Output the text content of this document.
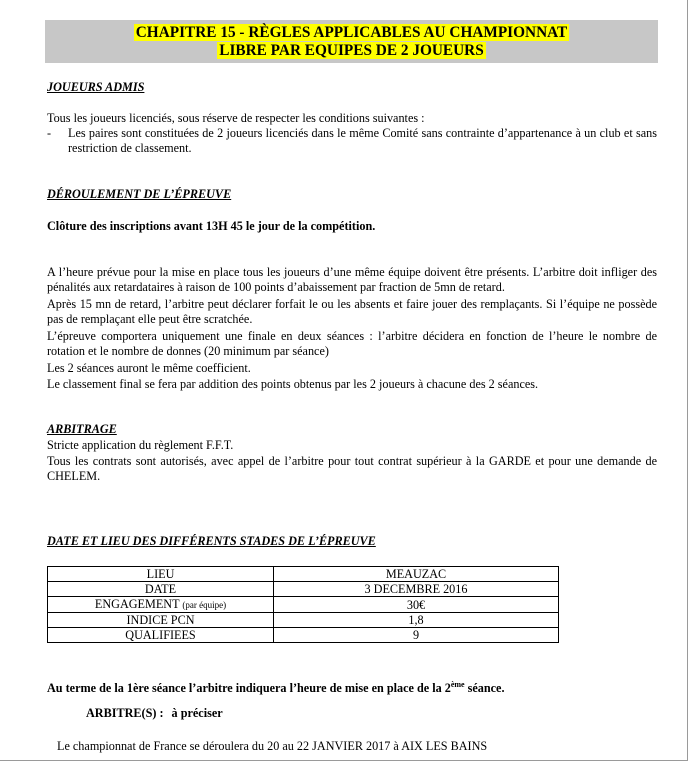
CHAPITRE 15 - RÈGLES APPLICABLES AU CHAMPIONNAT
LIBRE PAR EQUIPES DE 2 JOUEURS
JOUEURS ADMIS
Tous les joueurs licenciés, sous réserve de respecter les conditions suivantes :
- Les paires sont constituées de 2 joueurs licenciés dans le même Comité sans contrainte d’appartenance à un club et sans restriction de classement.
DÉROULEMENT DE L’ÉPREUVE
Clôture des inscriptions avant 13H 45 le jour de la compétition.
A l’heure prévue pour la mise en place tous les joueurs d’une même équipe doivent être présents. L’arbitre doit infliger des pénalités aux retardataires à raison de 100 points d’abaissement par fraction de 5mn de retard.
Après 15 mn de retard, l’arbitre peut déclarer forfait le ou les absents et faire jouer des remplaçants. Si l’équipe ne possède pas de remplaçant elle peut être scratchée.
L’épreuve comportera uniquement une finale en deux séances : l’arbitre décidera en fonction de l’heure le nombre de rotation et le nombre de donnes (20 minimum par séance)
Les 2 séances auront le même coefficient.
Le classement final se fera par addition des points obtenus par les 2 joueurs à chacune des 2 séances.
ARBITRAGE
Stricte application du règlement F.F.T.
Tous les contrats sont autorisés, avec appel de l’arbitre pour tout contrat supérieur à la GARDE et pour une demande de CHELEM.
DATE ET LIEU DES DIFFÉRENTS STADES DE L’ÉPREUVE
LIEU	MEAUZAC
DATE	3 DECEMBRE 2016
ENGAGEMENT (par équipe)	30€
INDICE PCN	1,8
QUALIFIEES	9
Au terme de la 1ère séance l’arbitre indiquera l’heure de mise en place de la 2ème séance.
ARBITRE(S) : à préciser
Le championnat de France se déroulera du 20 au 22 JANVIER 2017 à AIX LES BAINS
